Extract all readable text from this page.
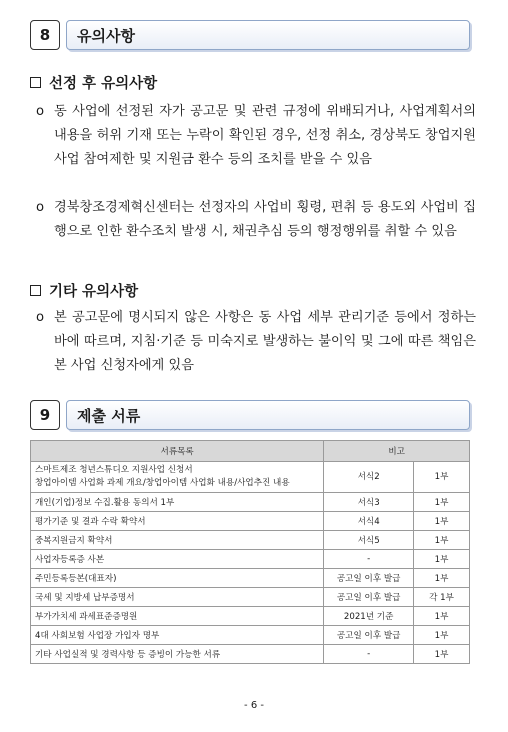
8	유의사항
선정 후 유의사항
o 동 사업에 선정된 자가 공고문 및 관련 규정에 위배되거나, 사업계획서의 내용을 허위 기재 또는 누락이 확인된 경우, 선정 취소, 경상북도 창업지원사업 참여제한 및 지원금 환수 등의 조치를 받을 수 있음
o 경북창조경제혁신센터는 선정자의 사업비 횡령, 편취 등 용도외 사업비 집행으로 인한 환수조치 발생 시, 채권추심 등의 행정행위를 취할 수 있음
기타 유의사항
o 본 공고문에 명시되지 않은 사항은 동 사업 세부 관리기준 등에서 정하는 바에 따르며, 지침·기준 등 미숙지로 발생하는 불이익 및 그에 따른 책임은 본 사업 신청자에게 있음
9	제출 서류
서류목록	비고	

스마트제조 청년스튜디오 지원사업 신청서
창업아이템 사업화 과제 개요/창업아이템 사업화 내용/사업추진 내용	서식2	1부
개인(기업)정보 수집.활용 동의서 1부	서식3	1부
평가기준 및 결과 수락 확약서	서식4	1부
중복지원금지 확약서	서식5	1부
사업자등록증 사본	-	1부
주민등록등본(대표자)	공고일 이후 발급	1부
국세 및 지방세 납부증명서	공고일 이후 발급	각 1부
부가가치세 과세표준증명원	2021년 기준	1부
4대 사회보험 사업장 가입자 명부	공고일 이후 발급	1부
기타 사업실적 및 경력사항 등 증빙이 가능한 서류	-	1부
- 6 -
